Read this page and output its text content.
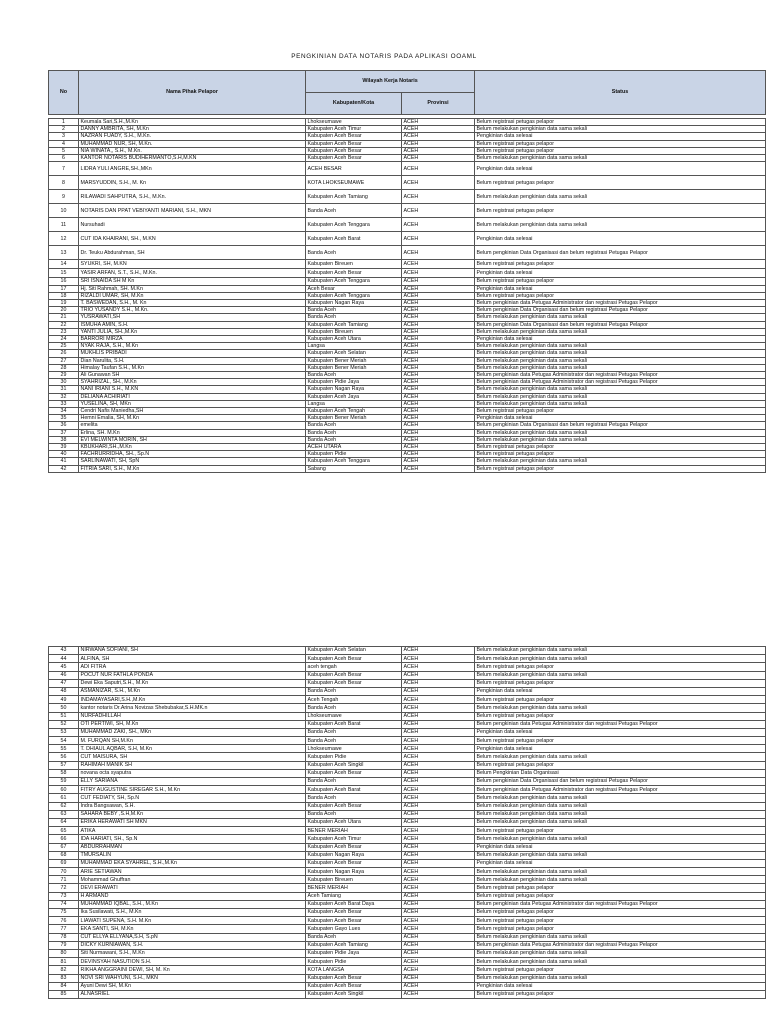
PENGKINIAN DATA NOTARIS PADA APLIKASI OOAML
No	Nama Pihak Pelapor	Wilayah Kerja Notaris		Status
		Kabupaten/Kota	Provinsi	

1	Keumala Sari,S.H.,M.Kn	Lhokseumawe	ACEH	Belum registrasi petugas pelapor
2	DANNY AMBRITA, SH, M.Kn	Kabupaten Aceh Timur	ACEH	Belum melakukan pengkinian data sama sekali
3	NAZRAN FUADY, S.H., M.Kn.	Kabupaten Aceh Besar	ACEH	Pengkinian data selesai
4	MUHAMMAD NUR, SH, M.Kn.	Kabupaten Aceh Besar	ACEH	Belum registrasi petugas pelapor
5	NIA WINATA,, S.H., M.Kn.	Kabupaten Aceh Besar	ACEH	Belum registrasi petugas pelapor
6	KANTOR NOTARIS BUDIHERMANTO,S.H,M.KN	Kabupaten Aceh Besar	ACEH	Belum melakukan pengkinian data sama sekali
7	LIDRA YULI ANGRE,SH.,MKn	ACEH BESAR	ACEH	Pengkinian data selesai
8	MARSYUDDIN, S.H., M. Kn	KOTA LHOKSEUMAWE	ACEH	Belum registrasi petugas pelapor
9	RILAWADI SAHPUTRA, S.H., M.Kn.	Kabupaten Aceh Tamiang	ACEH	Belum melakukan pengkinian data sama sekali
10	NOTARIS DAN PPAT VEBIYANTI MARIANI, S.H., MKN	Banda Aceh	ACEH	Belum registrasi petugas pelapor
11	Nursuhadi	Kabupaten Aceh Tenggara	ACEH	Belum melakukan pengkinian data sama sekali
12	CUT IDA KHAIRANI, SH., M.KN	Kabupaten Aceh Barat	ACEH	Pengkinian data selesai
13	Dr. Teuku Abdurahman, SH	Banda Aceh	ACEH	Belum pengkinian Data Organisasi dan belum registrasi Petugas Pelapor
14	SYUKRI, SH, M.KN	Kabupaten Bireuen	ACEH	Belum registrasi petugas pelapor
15	YASIR ARFAN, S.T., S.H., M.Kn.	Kabupaten Aceh Besar	ACEH	Pengkinian data selesai
16	SRI ISNAIDA SH M Kn	Kabupaten Aceh Tenggara	ACEH	Belum registrasi petugas pelapor
17	Hj. Siti Rahmah, SH. M.Kn	Aceh Besar	ACEH	Pengkinian data selesai
18	RIZALDI UMAR, SH, M.Kn	Kabupaten Aceh Tenggara	ACEH	Belum registrasi petugas pelapor
19	T. BASWEDAN, S.H., M. Kn	Kabupaten Nagan Raya	ACEH	Belum pengkinian data Petugas Administrator dan registrasi Petugas Pelapor
20	TRIO YUSANDY S.H., M.Kn.	Banda Aceh	ACEH	Belum pengkinian Data Organisasi dan belum registrasi Petugas Pelapor
21	YUSRAWATI,SH	Banda Aceh	ACEH	Belum melakukan pengkinian data sama sekali
22	ISMUHA AMIN, S.H.	Kabupaten Aceh Tamiang	ACEH	Belum pengkinian Data Organisasi dan belum registrasi Petugas Pelapor
23	YANTI JULIA, SH.,M.Kn	Kabupaten Bireuen	ACEH	Belum melakukan pengkinian data sama sekali
24	BARRORI MIRZA	Kabupaten Aceh Utara	ACEH	Pengkinian data selesai
25	NYAK RAJA, S.H., M.Kn	Langsa	ACEH	Belum melakukan pengkinian data sama sekali
26	MUKHLIS PRIBADI	Kabupaten Aceh Selatan	ACEH	Belum melakukan pengkinian data sama sekali
27	Dian Narulita, S.H.	Kabupaten Bener Meriah	ACEH	Belum melakukan pengkinian data sama sekali
28	Himalay Taufan S.H., M.Kn	Kabupaten Bener Meriah	ACEH	Belum melakukan pengkinian data sama sekali
29	Ali Gunawan SH	Banda Aceh	ACEH	Belum pengkinian data Petugas Administrator dan registrasi Petugas Pelapor
30	SYAHRIZAL, SH., M.Kn	Kabupaten Pidie Jaya	ACEH	Belum pengkinian data Petugas Administrator dan registrasi Petugas Pelapor
31	NANI IRIANI S.H., M.KN	Kabupaten Nagan Raya	ACEH	Belum melakukan pengkinian data sama sekali
32	DELIANA ACHIRIATI	Kabupaten Aceh Jaya	ACEH	Belum melakukan pengkinian data sama sekali
33	YUSELINA, SH, MKn	Langsa	ACEH	Belum melakukan pengkinian data sama sekali
34	Cendri Nafis Maniedha,SH	Kabupaten Aceh Tengah	ACEH	Belum registrasi petugas pelapor
35	Hemni Emalia, SH, M.Kn	Kabupaten Bener Meriah	ACEH	Pengkinian data selesai
36	emelita	Banda Aceh	ACEH	Belum pengkinian Data Organisasi dan belum registrasi Petugas Pelapor
37	Erlina, SH. M.Kn	Banda Aceh	ACEH	Belum melakukan pengkinian data sama sekali
38	EVI MELWINTA MORIN, SH	Banda Aceh	ACEH	Belum melakukan pengkinian data sama sekali
39	KBUKHARI,SH.,M.Kn	ACEH UTARA	ACEH	Belum registrasi petugas pelapor
40	FACHRURRIDHA, SH., Sp.N	Kabupaten Pidie	ACEH	Belum registrasi petugas pelapor
41	SARLINAWATI, SH, SpN	Kabupaten Aceh Tenggara	ACEH	Belum melakukan pengkinian data sama sekali
42	FITRIA SARI, S.H., M.Kn	Sabang	ACEH	Belum registrasi petugas pelapor
43	NIRWANA SOFIANI, SH	Kabupaten Aceh Selatan	ACEH	Belum melakukan pengkinian data sama sekali
44	ALFINA, SH	Kabupaten Aceh Besar	ACEH	Belum melakukan pengkinian data sama sekali
45	ADI FITRA	aceh tengah	ACEH	Belum registrasi petugas pelapor
46	POCUT NUR FATHLA PONDA	Kabupaten Aceh Besar	ACEH	Belum melakukan pengkinian data sama sekali
47	Dewi Eka Saputri,S.H., M.Kn	Kabupaten Aceh Besar	ACEH	Belum registrasi petugas pelapor
48	ASMANIZAR, S.H., M.Kn	Banda Aceh	ACEH	Pengkinian data selesai
49	INDAMAYASARI,S.H.,M.Kn	Aceh Tengah	ACEH	Belum registrasi petugas pelapor
50	kantor notaris Dr.Arina Novizas Shebubakar,S.H.MK.n	Banda Aceh	ACEH	Belum melakukan pengkinian data sama sekali
51	NURFADHILLAH	Lhokseumawe	ACEH	Belum registrasi petugas pelapor
52	OTI PERTIWI, SH, M.Kn	Kabupaten Aceh Barat	ACEH	Belum pengkinian data Petugas Administrator dan registrasi Petugas Pelapor
53	MUHAMMAD ZAKI, SH., MKn	Banda Aceh	ACEH	Pengkinian data selesai
54	M. FURQAN SH,M.Kn	Banda Aceh	ACEH	Belum registrasi petugas pelapor
55	T. DHIAUL AQBAR, S.H, M.Kn	Lhokseumawe	ACEH	Pengkinian data selesai
56	CUT MAISURA, SH	Kabupaten Pidie	ACEH	Belum melakukan pengkinian data sama sekali
57	RAHIMAH MANIK SH	Kabupaten Aceh Singkil	ACEH	Belum registrasi petugas pelapor
58	novana octa syaputra	Kabupaten Aceh Besar	ACEH	Belum Pengkinian Data Organisasi
59	ELLY SARIANA	Banda Aceh	ACEH	Belum pengkinian Data Organisasi dan belum registrasi Petugas Pelapor
60	FITRY AUGUSTINE SIREGAR S.H., M.Kn	Kabupaten Aceh Barat	ACEH	Belum pengkinian data Petugas Administrator dan registrasi Petugas Pelapor
61	CUT FEDIATY, SH, Sp.N	Banda Aceh	ACEH	Belum melakukan pengkinian data sama sekali
62	Indra Bangsawan, S.H.	Kabupaten Aceh Besar	ACEH	Belum melakukan pengkinian data sama sekali
63	SAHARA BEBY ,S.H,M.Kn	Banda Aceh	ACEH	Belum melakukan pengkinian data sama sekali
64	ERIKA HERAWATI SH MKN	Kabupaten Aceh Utara	ACEH	Belum melakukan pengkinian data sama sekali
65	ATIKA	BENER MERIAH	ACEH	Belum registrasi petugas pelapor
66	IDA HARIATI, SH., Sp.N	Kabupaten Aceh Timur	ACEH	Belum melakukan pengkinian data sama sekali
67	ABDURRAHMAN	Kabupaten Aceh Besar	ACEH	Pengkinian data selesai
68	TMURSALIN	Kabupaten Nagan Raya	ACEH	Belum melakukan pengkinian data sama sekali
69	MUHAMMAD EKA SYAHREL, S.H.,M.Kn	Kabupaten Aceh Besar	ACEH	Pengkinian data selesai
70	ARIE SETIAWAN	Kabupaten Nagan Raya	ACEH	Belum melakukan pengkinian data sama sekali
71	Mohammad Ghuffran	Kabupaten Bireuen	ACEH	Belum melakukan pengkinian data sama sekali
72	DEVI ERAWATI	BENER MERIAH	ACEH	Belum registrasi petugas pelapor
73	H ARMAND	Aceh Tamiang	ACEH	Belum registrasi petugas pelapor
74	MUHAMMAD IQBAL, S.H., M.Kn	Kabupaten Aceh Barat Daya	ACEH	Belum pengkinian data Petugas Administrator dan registrasi Petugas Pelapor
75	Ika Susilawati, S.H., M.Kn	Kabupaten Aceh Besar	ACEH	Belum registrasi petugas pelapor
76	LIAWATI SUPENA, S.H. M.Kn	Kabupaten Aceh Besar	ACEH	Belum registrasi petugas pelapor
77	EKA SANTI, SH, M.Kn	Kabupaten Gayo Lues	ACEH	Belum registrasi petugas pelapor
78	CUT ELLYA ELLYANA,S.H, S.pN	Banda Aceh	ACEH	Belum melakukan pengkinian data sama sekali
79	DICKY KURNIAWAN, S.H.	Kabupaten Aceh Tamiang	ACEH	Belum pengkinian data Petugas Administrator dan registrasi Petugas Pelapor
80	Siti Nurmawani, S.H., M.Kn	Kabupaten Pidie Jaya	ACEH	Belum melakukan pengkinian data sama sekali
81	DEVINSYAH NASUTION S.H.	Kabupaten Pidie	ACEH	Belum melakukan pengkinian data sama sekali
82	RIKHA ANGGRAINI DEWI, SH, M. Kn	KOTA LANGSA	ACEH	Belum registrasi petugas pelapor
83	NOVI SRI WAHYUNI, S.H., MKN	Kabupaten Aceh Besar	ACEH	Belum melakukan pengkinian data sama sekali
84	Ayuni Dewi SH, M.Kn	Kabupaten Aceh Besar	ACEH	Pengkinian data selesai
85	ALNASRIEL	Kabupaten Aceh Singkil	ACEH	Belum registrasi petugas pelapor
